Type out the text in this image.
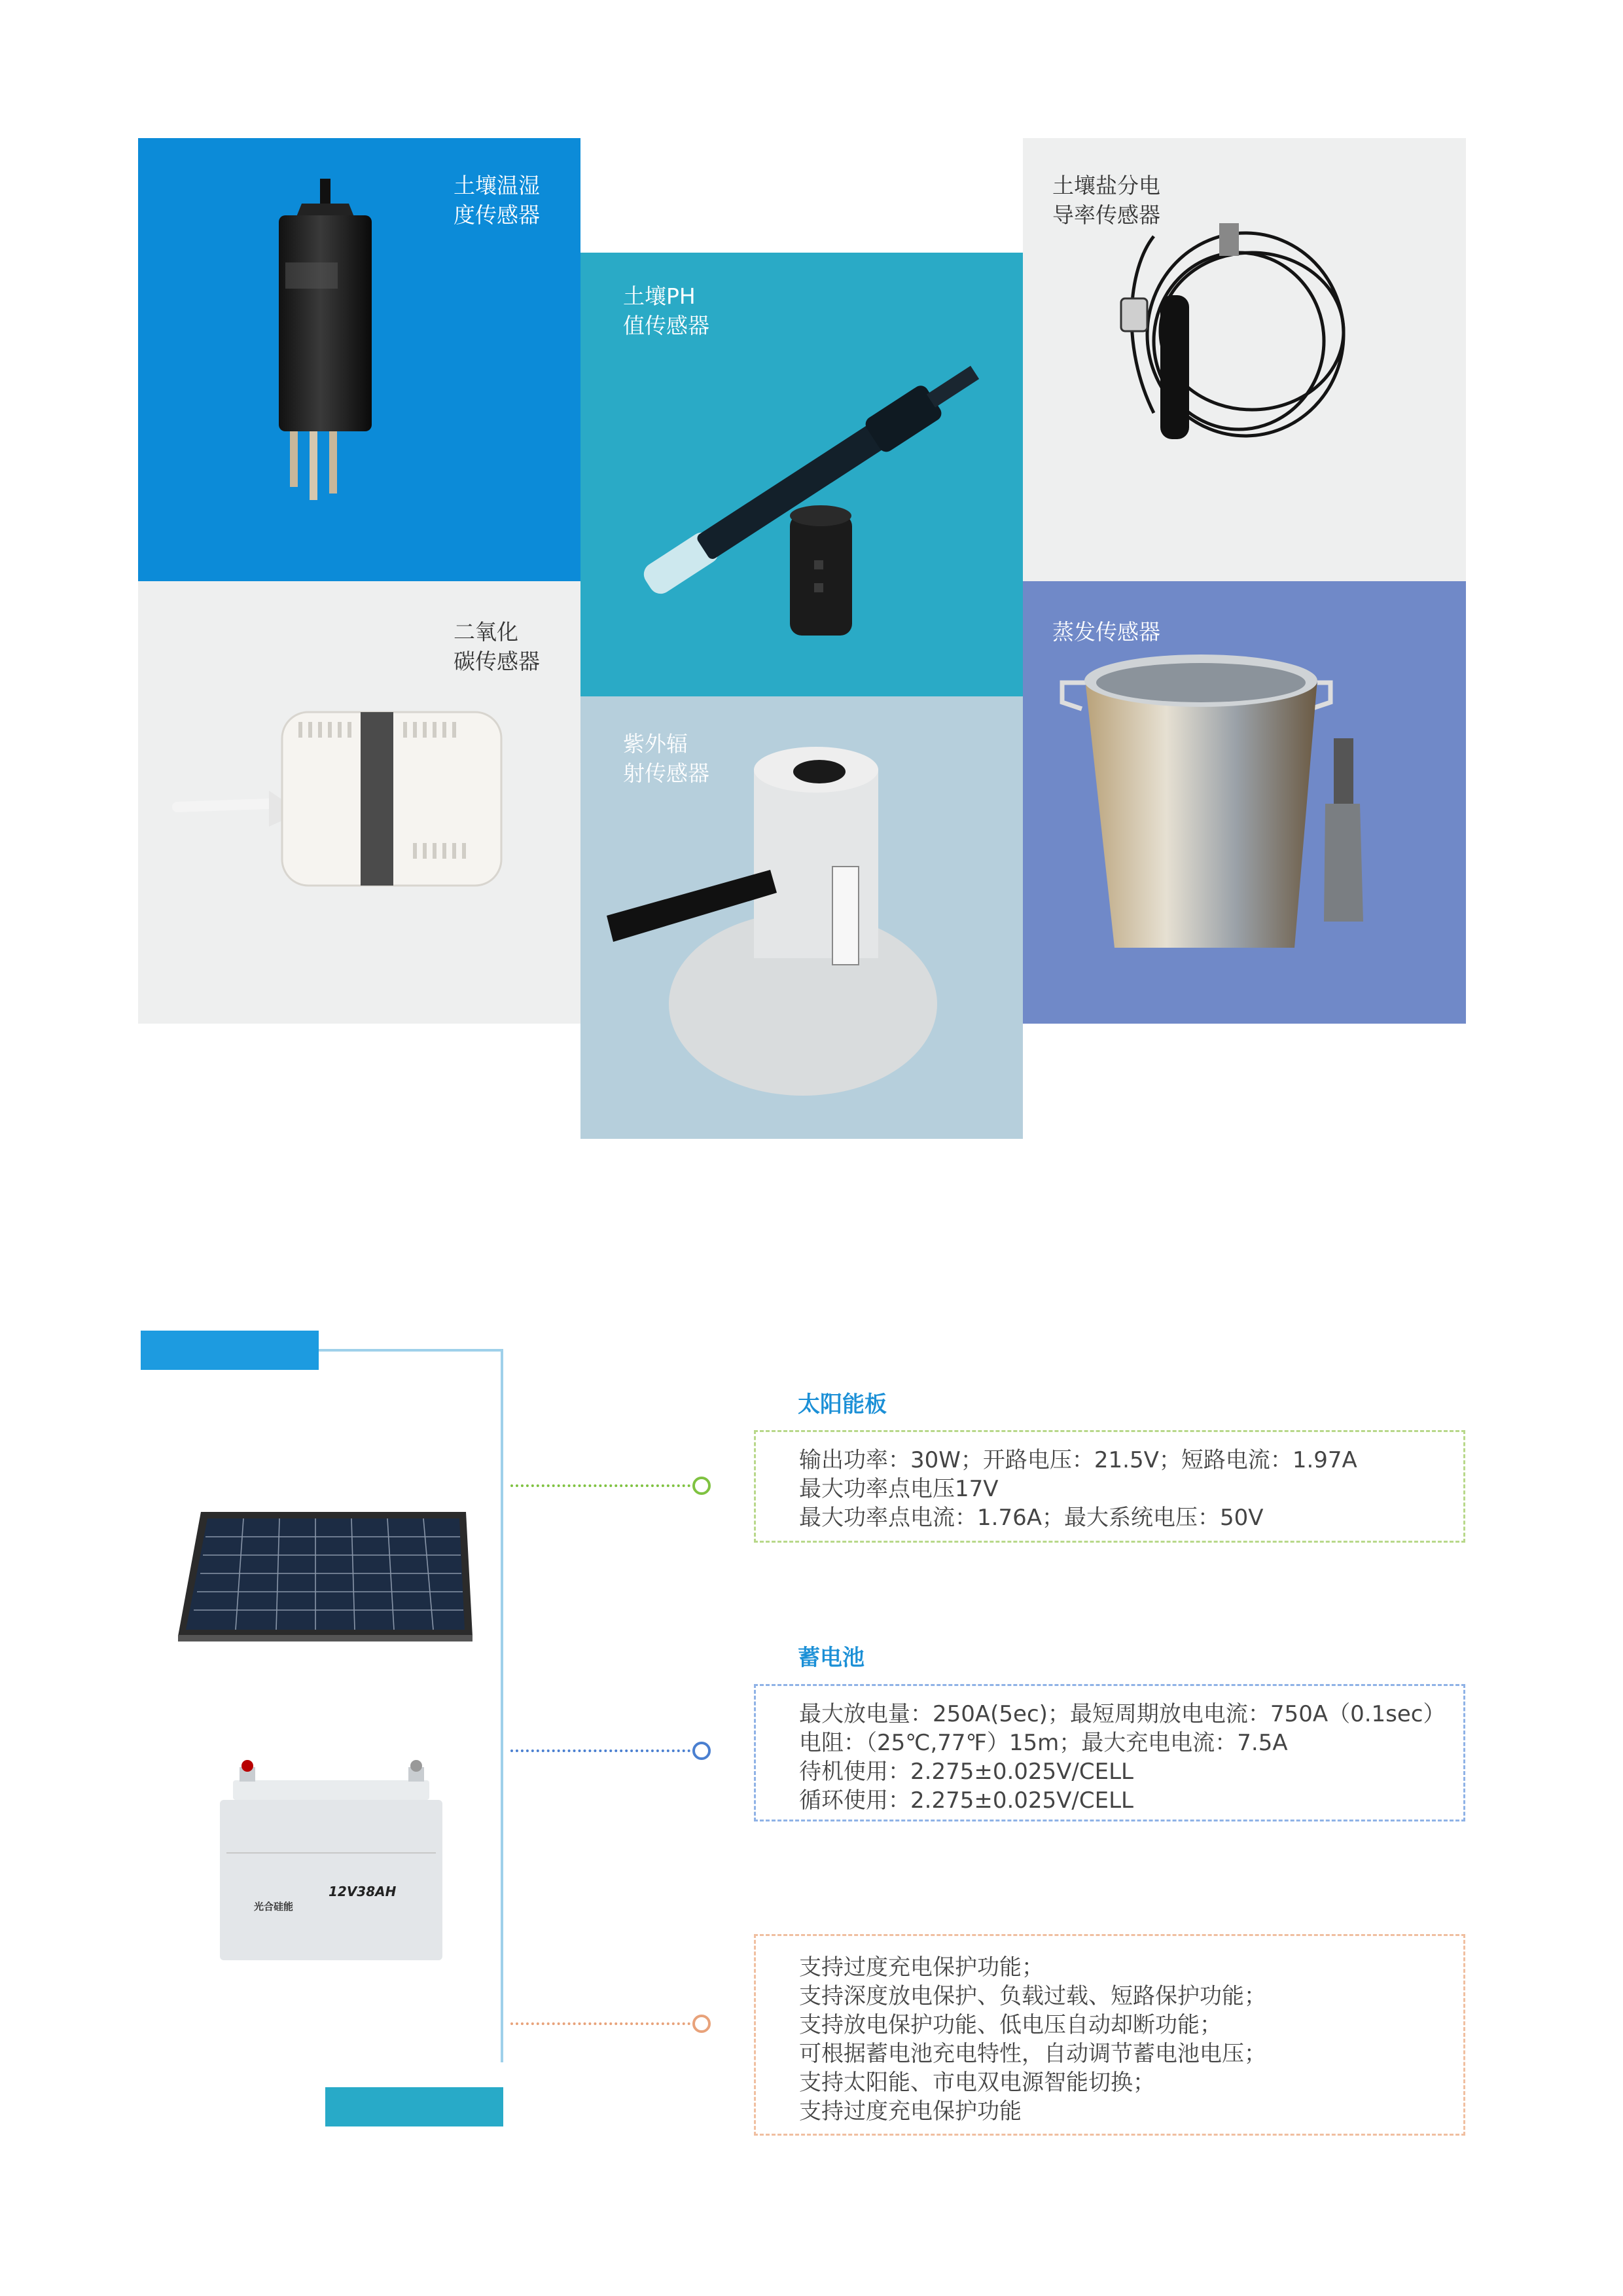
土壤温湿
度传感器
土壤PH
值传感器
土壤盐分电
导率传感器
二氧化
碳传感器
紫外辐
射传感器
蒸发传感器
光合硅能
12V38AH
太阳能板
输出功率：30W；开路电压：21.5V；短路电流：1.97A
最大功率点电压17V
最大功率点电流：1.76A；最大系统电压：50V
蓄电池
最大放电量：250A(5ec)；最短周期放电电流：750A（0.1sec）
电阻：（25℃,77℉）15m；最大充电电流：7.5A
待机使用：2.275±0.025V/CELL
循环使用：2.275±0.025V/CELL
支持过度充电保护功能；
支持深度放电保护、负载过载、短路保护功能；
支持放电保护功能、低电压自动却断功能；
可根据蓄电池充电特性，自动调节蓄电池电压；
支持太阳能、市电双电源智能切换；
支持过度充电保护功能
